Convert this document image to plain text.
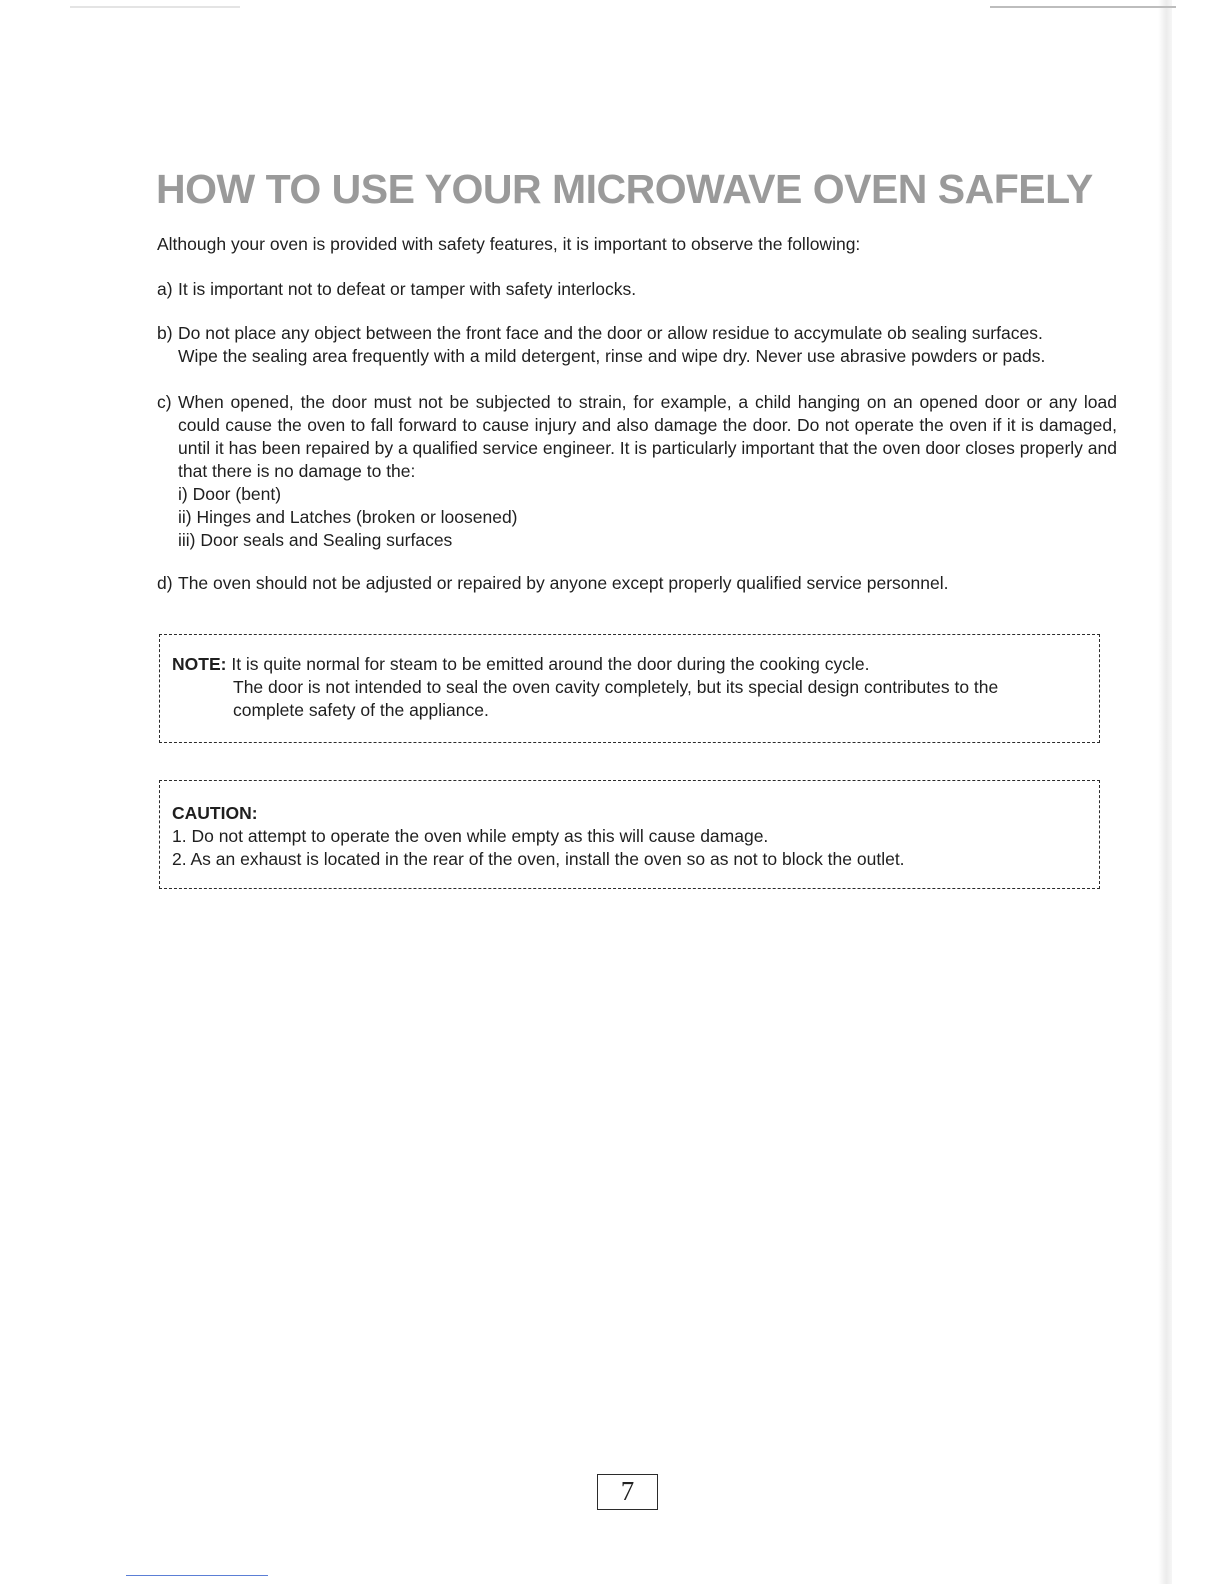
HOW TO USE YOUR MICROWAVE OVEN SAFELY

Although your oven is provided with safety features, it is important to observe the following:

a) It is important not to defeat or tamper with safety interlocks.
b) Do not place any object between the front face and the door or allow residue to accymulate ob sealing surfaces.
Wipe the sealing area frequently with a mild detergent, rinse and wipe dry. Never use abrasive powders or pads.
c) When opened, the door must not be subjected to strain, for example, a child hanging on an opened door or any load could cause the oven to fall forward to cause injury and also damage the door. Do not operate the oven if it is damaged, until it has been repaired by a qualified service engineer. It is particularly important that the oven door closes properly and that there is no damage to the:
i) Door (bent)
ii) Hinges and Latches (broken or loosened)
iii) Door seals and Sealing surfaces
d) The oven should not be adjusted or repaired by anyone except properly qualified service personnel.
NOTE: It is quite normal for steam to be emitted around the door during the cooking cycle.
The door is not intended to seal the oven cavity completely, but its special design contributes to the
complete safety of the appliance.
CAUTION:
1. Do not attempt to operate the oven while empty as this will cause damage.
2. As an exhaust is located in the rear of the oven, install the oven so as not to block the outlet.
7
